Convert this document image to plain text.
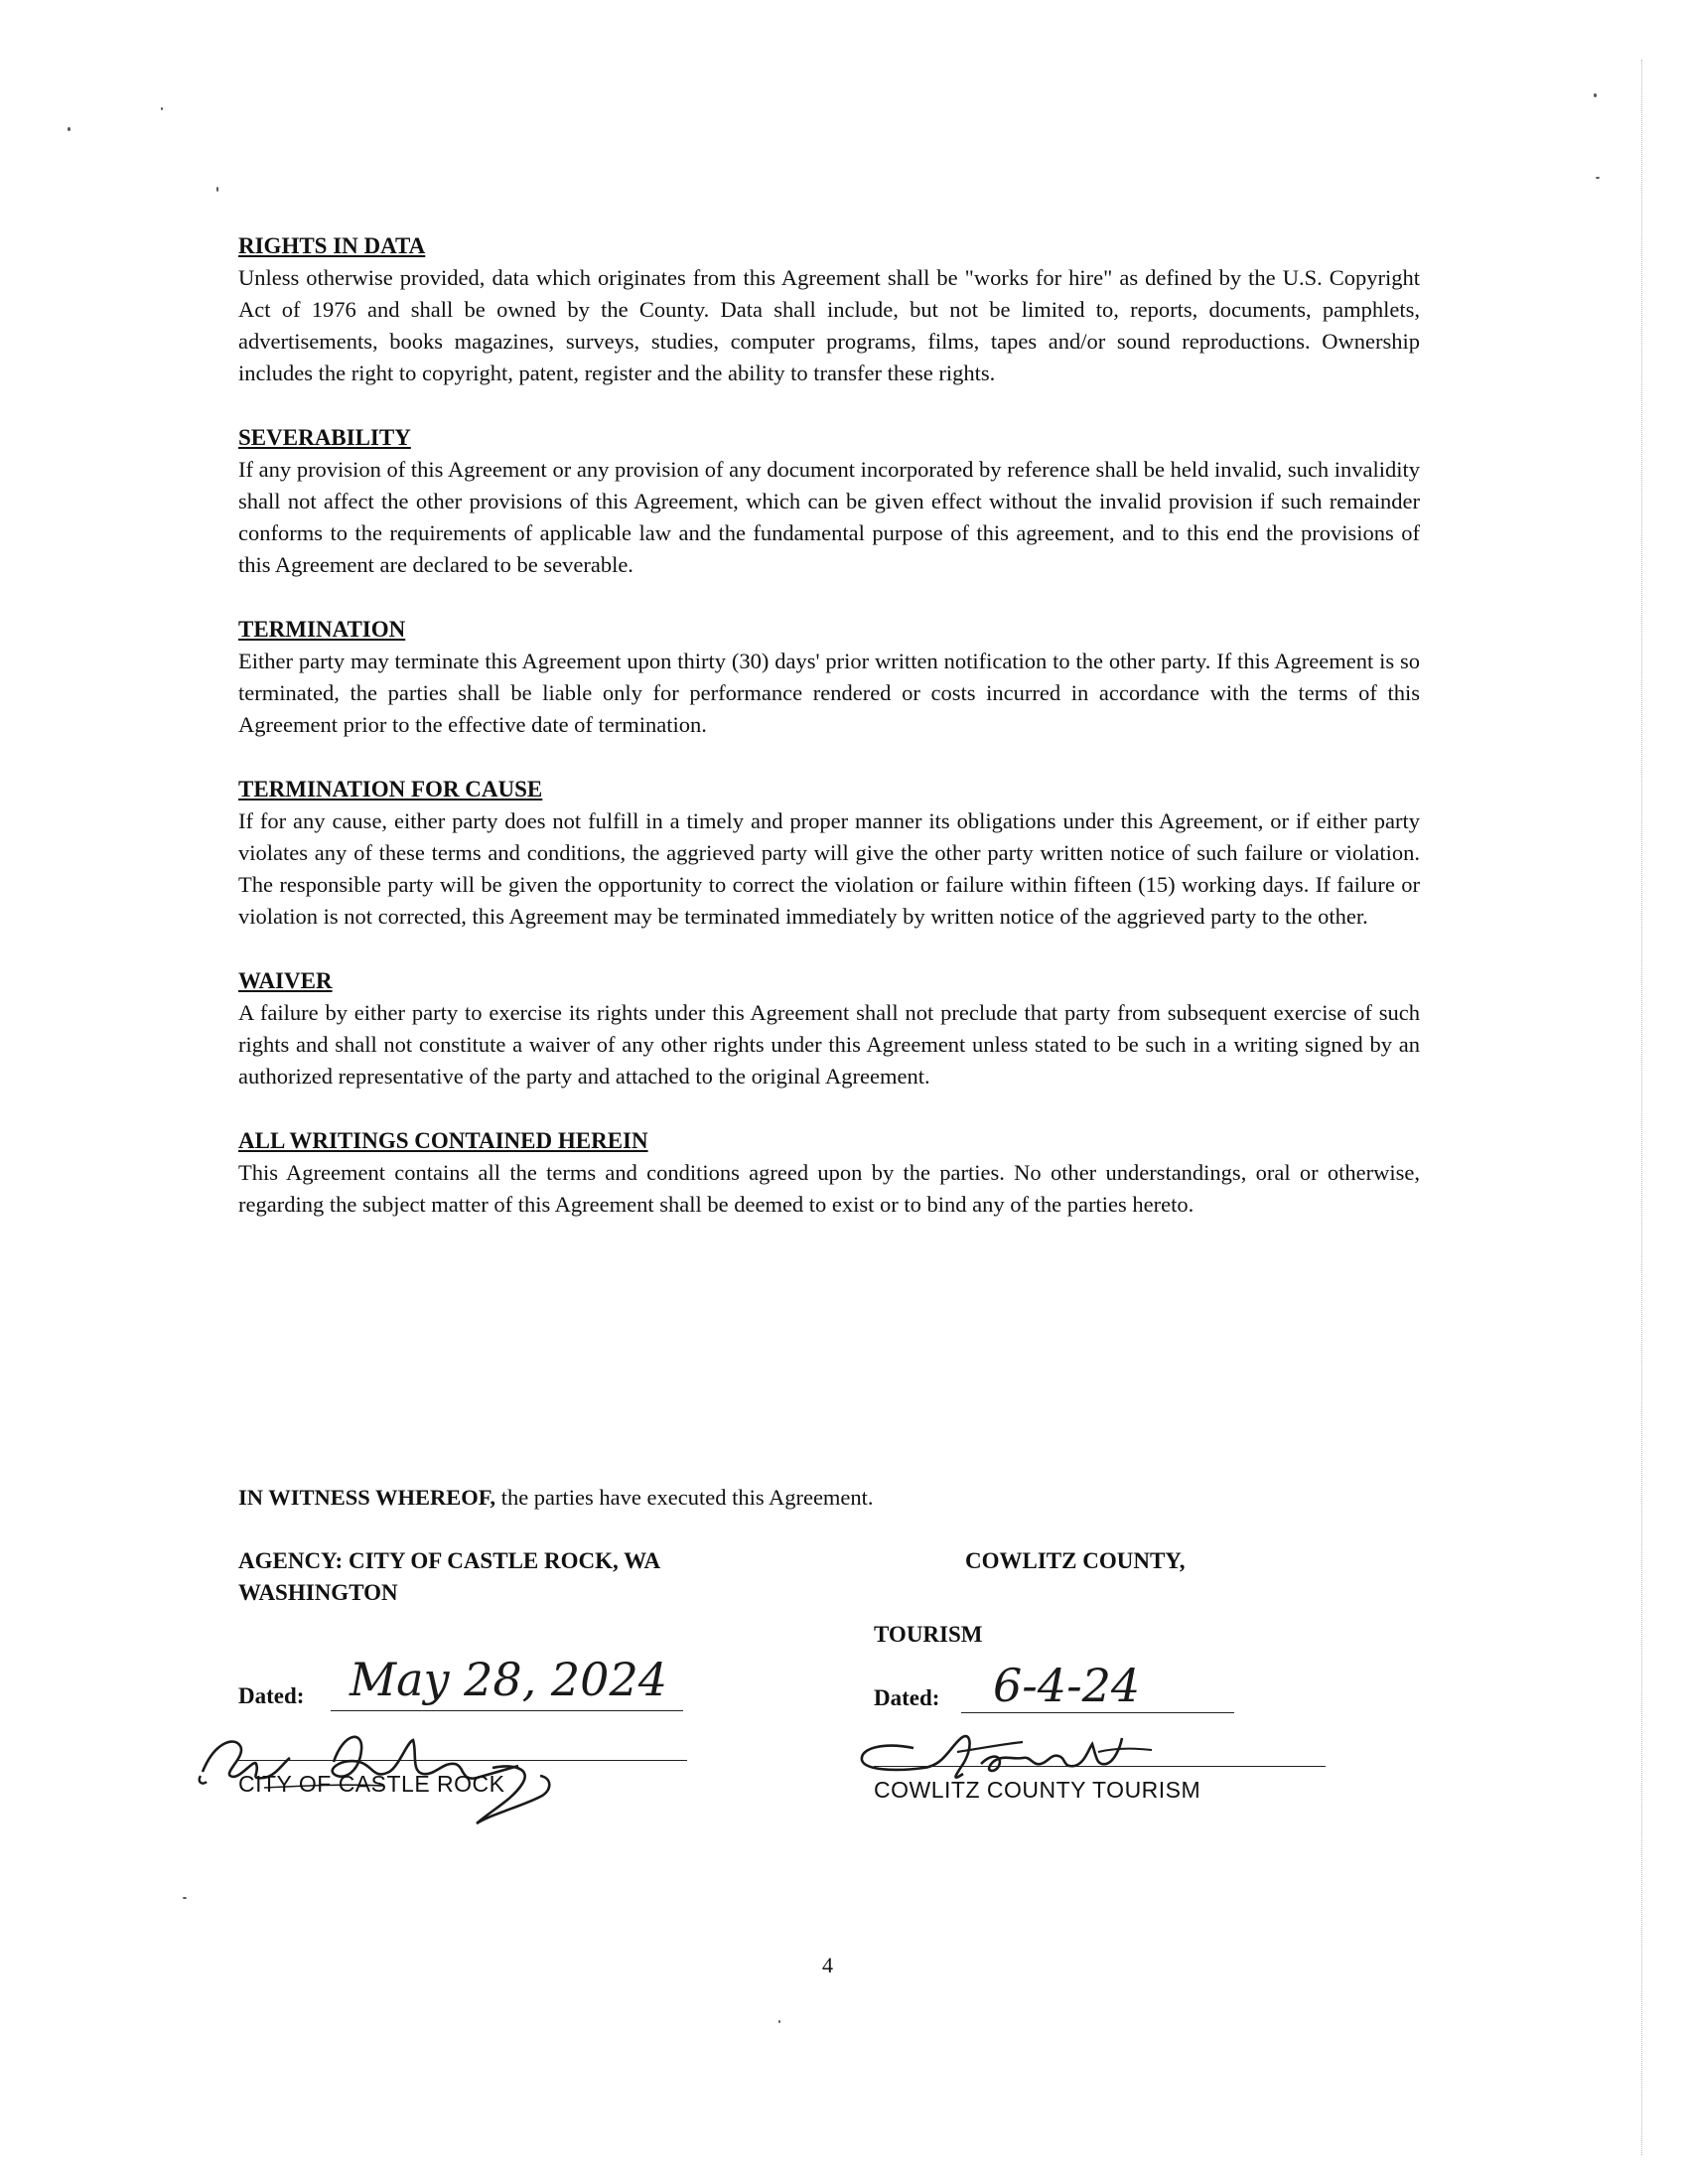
RIGHTS IN DATA

Unless otherwise provided, data which originates from this Agreement shall be "works for hire" as defined by the U.S. Copyright Act of 1976 and shall be owned by the County. Data shall include, but not be limited to, reports, documents, pamphlets, advertisements, books magazines, surveys, studies, computer programs, films, tapes and/or sound reproductions. Ownership includes the right to copyright, patent, register and the ability to transfer these rights.

SEVERABILITY

If any provision of this Agreement or any provision of any document incorporated by reference shall be held invalid, such invalidity shall not affect the other provisions of this Agreement, which can be given effect without the invalid provision if such remainder conforms to the requirements of applicable law and the fundamental purpose of this agreement, and to this end the provisions of this Agreement are declared to be severable.

TERMINATION

Either party may terminate this Agreement upon thirty (30) days' prior written notification to the other party. If this Agreement is so terminated, the parties shall be liable only for performance rendered or costs incurred in accordance with the terms of this Agreement prior to the effective date of termination.

TERMINATION FOR CAUSE

If for any cause, either party does not fulfill in a timely and proper manner its obligations under this Agreement, or if either party violates any of these terms and conditions, the aggrieved party will give the other party written notice of such failure or violation. The responsible party will be given the opportunity to correct the violation or failure within fifteen (15) working days. If failure or violation is not corrected, this Agreement may be terminated immediately by written notice of the aggrieved party to the other.

WAIVER

A failure by either party to exercise its rights under this Agreement shall not preclude that party from subsequent exercise of such rights and shall not constitute a waiver of any other rights under this Agreement unless stated to be such in a writing signed by an authorized representative of the party and attached to the original Agreement.

ALL WRITINGS CONTAINED HEREIN

This Agreement contains all the terms and conditions agreed upon by the parties. No other understandings, oral or otherwise, regarding the subject matter of this Agreement shall be deemed to exist or to bind any of the parties hereto.

IN WITNESS WHEREOF, the parties have executed this Agreement.
AGENCY: CITY OF CASTLE ROCK, WA
WASHINGTON
Dated: May 28, 2024
CITY OF CASTLE ROCK
COWLITZ COUNTY,
TOURISM
Dated: 6-4-24
COWLITZ COUNTY TOURISM
4
